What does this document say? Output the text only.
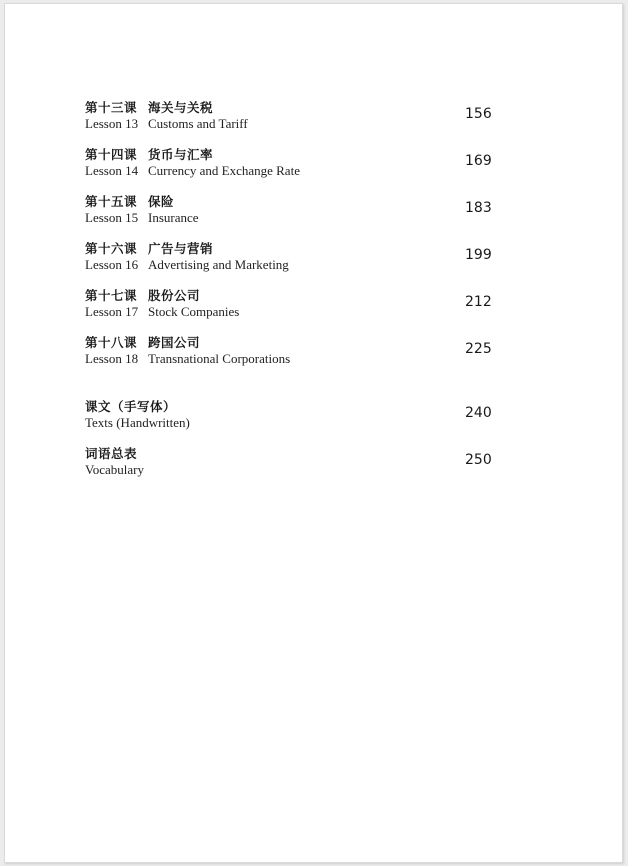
第十三课 海关与关税
Lesson 13 Customs and Tariff
156
第十四课 货币与汇率
Lesson 14 Currency and Exchange Rate
169
第十五课 保险
Lesson 15 Insurance
183
第十六课 广告与营销
Lesson 16 Advertising and Marketing
199
第十七课 股份公司
Lesson 17 Stock Companies
212
第十八课 跨国公司
Lesson 18 Transnational Corporations
225
课文（手写体）
Texts (Handwritten)
240
词语总表
Vocabulary
250
